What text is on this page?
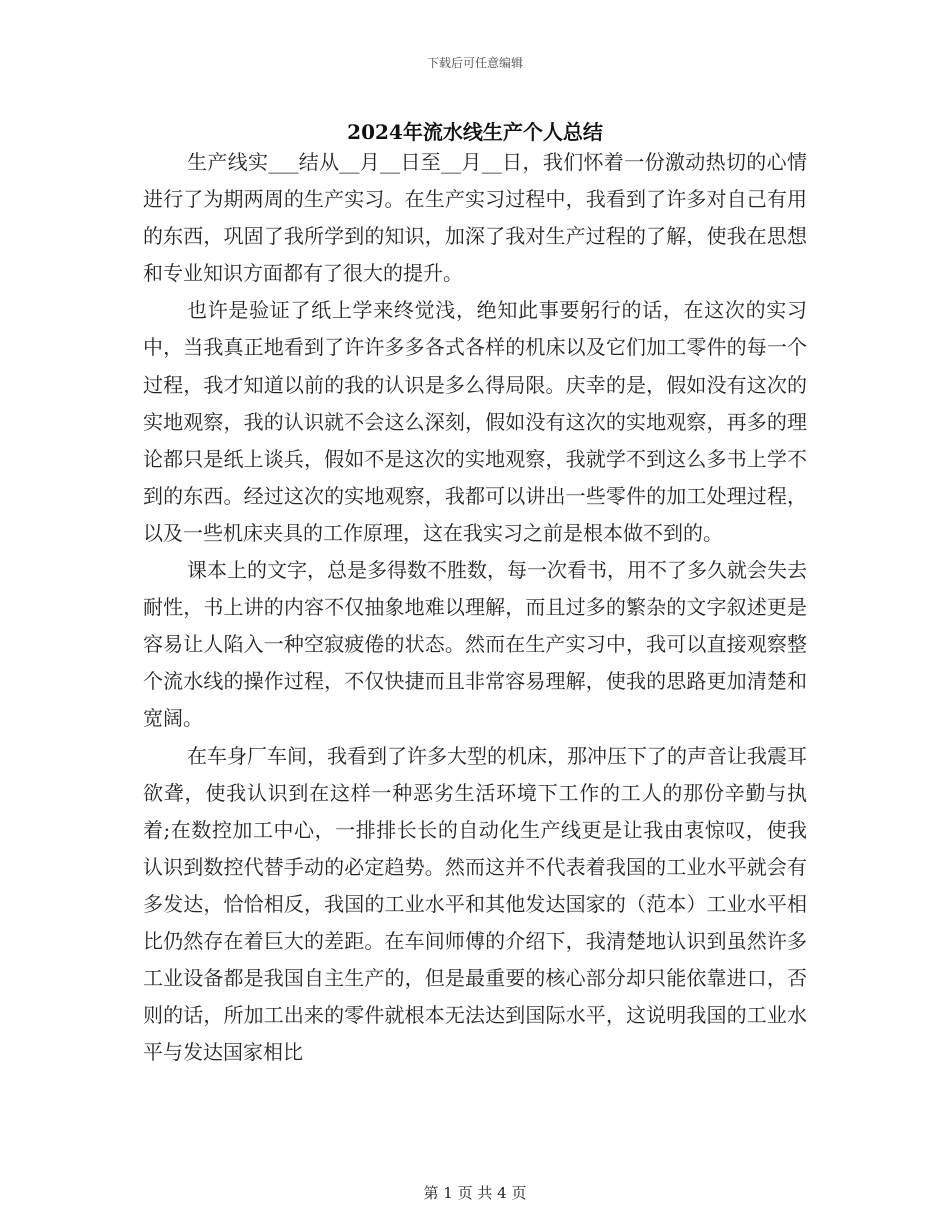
下载后可任意编辑
2024年流水线生产个人总结

生产线实___结从__月__日至__月__日，我们怀着一份激动热切的心情进行了为期两周的生产实习。在生产实习过程中，我看到了许多对自己有用的东西，巩固了我所学到的知识，加深了我对生产过程的了解，使我在思想和专业知识方面都有了很大的提升。

也许是验证了纸上学来终觉浅，绝知此事要躬行的话，在这次的实习中，当我真正地看到了许许多多各式各样的机床以及它们加工零件的每一个过程，我才知道以前的我的认识是多么得局限。庆幸的是，假如没有这次的实地观察，我的认识就不会这么深刻，假如没有这次的实地观察，再多的理论都只是纸上谈兵，假如不是这次的实地观察，我就学不到这么多书上学不到的东西。经过这次的实地观察，我都可以讲出一些零件的加工处理过程，以及一些机床夹具的工作原理，这在我实习之前是根本做不到的。

课本上的文字，总是多得数不胜数，每一次看书，用不了多久就会失去耐性，书上讲的内容不仅抽象地难以理解，而且过多的繁杂的文字叙述更是容易让人陷入一种空寂疲倦的状态。然而在生产实习中，我可以直接观察整个流水线的操作过程，不仅快捷而且非常容易理解，使我的思路更加清楚和宽阔。

在车身厂车间，我看到了许多大型的机床，那冲压下了的声音让我震耳欲聋，使我认识到在这样一种恶劣生活环境下工作的工人的那份辛勤与执着;在数控加工中心，一排排长长的自动化生产线更是让我由衷惊叹，使我认识到数控代替手动的必定趋势。然而这并不代表着我国的工业水平就会有多发达，恰恰相反，我国的工业水平和其他发达国家的（范本）工业水平相比仍然存在着巨大的差距。在车间师傅的介绍下，我清楚地认识到虽然许多工业设备都是我国自主生产的，但是最重要的核心部分却只能依靠进口，否则的话，所加工出来的零件就根本无法达到国际水平，这说明我国的工业水平与发达国家相比

第 1 页 共 4 页
